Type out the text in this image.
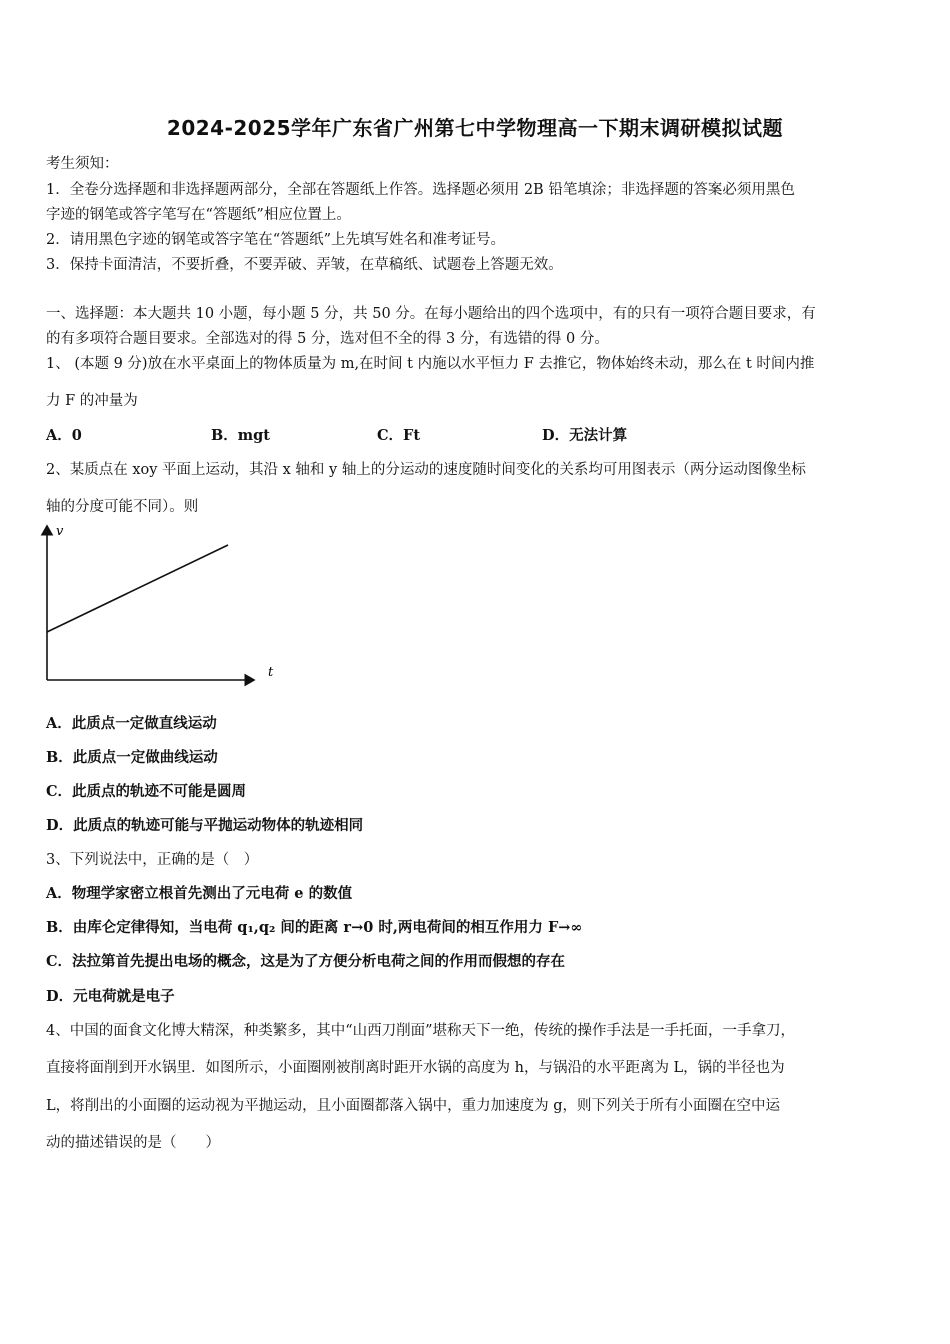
2024-2025学年广东省广州第七中学物理高一下期末调研模拟试题
考生须知：
1．全卷分选择题和非选择题两部分，全部在答题纸上作答。选择题必须用 2B 铅笔填涂；非选择题的答案必须用黑色
字迹的钢笔或答字笔写在“答题纸”相应位置上。
2．请用黑色字迹的钢笔或答字笔在“答题纸”上先填写姓名和准考证号。
3．保持卡面清洁，不要折叠，不要弄破、弄皱，在草稿纸、试题卷上答题无效。
一、选择题：本大题共 10 小题，每小题 5 分，共 50 分。在每小题给出的四个选项中，有的只有一项符合题目要求，有
的有多项符合题目要求。全部选对的得 5 分，选对但不全的得 3 分，有选错的得 0 分。
1、 (本题 9 分)放在水平桌面上的物体质量为 m,在时间 t 内施以水平恒力 F 去推它，物体始终未动，那么在 t 时间内推
力 F 的冲量为
A．0	B．mgt	C．Ft	D．无法计算
2、某质点在 xoy 平面上运动，其沿 x 轴和 y 轴上的分运动的速度随时间变化的关系均可用图表示（两分运动图像坐标
轴的分度可能不同）。则
v
t
A．此质点一定做直线运动
B．此质点一定做曲线运动
C．此质点的轨迹不可能是圆周
D．此质点的轨迹可能与平抛运动物体的轨迹相同
3、下列说法中，正确的是（　）
A．物理学家密立根首先测出了元电荷 e 的数值
B．由库仑定律得知，当电荷 q₁,q₂ 间的距离 r→0 时,两电荷间的相互作用力 F→∞
C．法拉第首先提出电场的概念，这是为了方便分析电荷之间的作用而假想的存在
D．元电荷就是电子
4、中国的面食文化博大精深，种类繁多，其中“山西刀削面”堪称天下一绝，传统的操作手法是一手托面，一手拿刀，
直接将面削到开水锅里．如图所示，小面圈刚被削离时距开水锅的高度为 h，与锅沿的水平距离为 L，锅的半径也为
L，将削出的小面圈的运动视为平抛运动，且小面圈都落入锅中，重力加速度为 g，则下列关于所有小面圈在空中运
动的描述错误的是（　　）
